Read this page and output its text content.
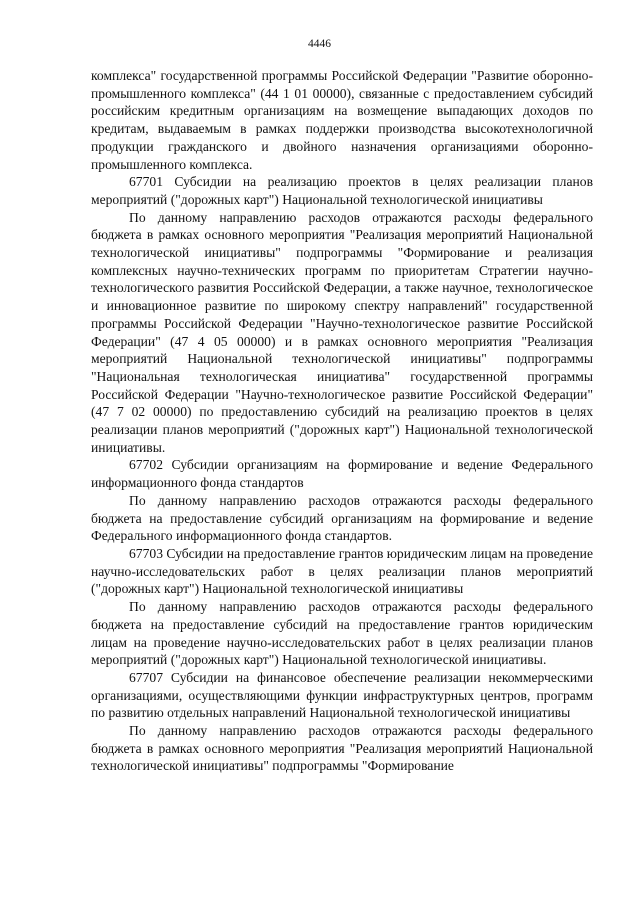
4446

комплекса" государственной программы Российской Федерации "Развитие оборонно-промышленного комплекса" (44 1 01 00000), связанные с предоставлением субсидий российским кредитным организациям на возмещение выпадающих доходов по кредитам, выдаваемым в рамках поддержки производства высокотехнологичной продукции гражданского и двойного назначения организациями оборонно-промышленного комплекса.

67701 Субсидии на реализацию проектов в целях реализации планов мероприятий ("дорожных карт") Национальной технологической инициативы

По данному направлению расходов отражаются расходы федерального бюджета в рамках основного мероприятия "Реализация мероприятий Национальной технологической инициативы" подпрограммы "Формирование и реализация комплексных научно-технических программ по приоритетам Стратегии научно-технологического развития Российской Федерации, а также научное, технологическое и инновационное развитие по широкому спектру направлений" государственной программы Российской Федерации "Научно-технологическое развитие Российской Федерации" (47 4 05 00000) и в рамках основного мероприятия "Реализация мероприятий Национальной технологической инициативы" подпрограммы "Национальная технологическая инициатива" государственной программы Российской Федерации "Научно-технологическое развитие Российской Федерации" (47 7 02 00000) по предоставлению субсидий на реализацию проектов в целях реализации планов мероприятий ("дорожных карт") Национальной технологической инициативы.

67702 Субсидии организациям на формирование и ведение Федерального информационного фонда стандартов

По данному направлению расходов отражаются расходы федерального бюджета на предоставление субсидий организациям на формирование и ведение Федерального информационного фонда стандартов.

67703 Субсидии на предоставление грантов юридическим лицам на проведение научно-исследовательских работ в целях реализации планов мероприятий ("дорожных карт") Национальной технологической инициативы

По данному направлению расходов отражаются расходы федерального бюджета на предоставление субсидий на предоставление грантов юридическим лицам на проведение научно-исследовательских работ в целях реализации планов мероприятий ("дорожных карт") Национальной технологической инициативы.

67707 Субсидии на финансовое обеспечение реализации некоммерческими организациями, осуществляющими функции инфраструктурных центров, программ по развитию отдельных направлений Национальной технологической инициативы

По данному направлению расходов отражаются расходы федерального бюджета в рамках основного мероприятия "Реализация мероприятий Национальной технологической инициативы" подпрограммы "Формирование
